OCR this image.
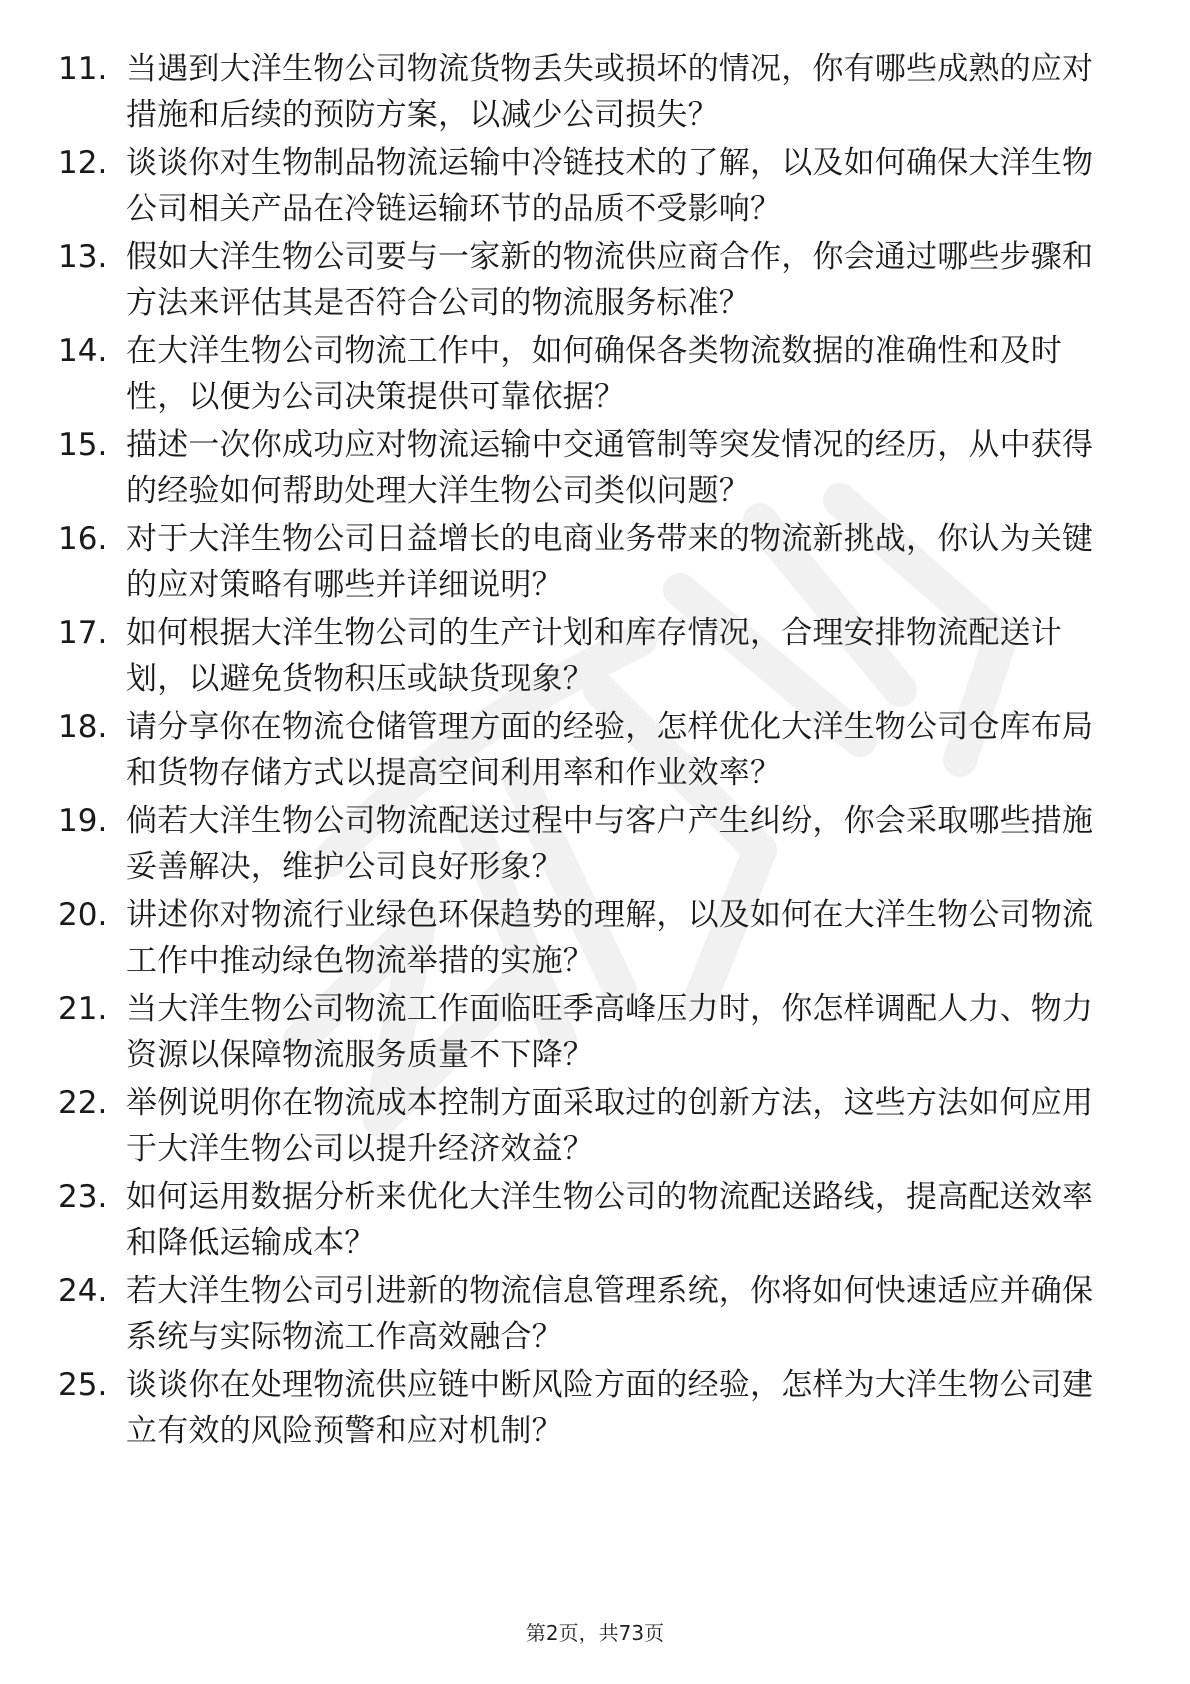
11. 当遇到大洋生物公司物流货物丢失或损坏的情况，你有哪些成熟的应对措施和后续的预防方案，以减少公司损失？
12. 谈谈你对生物制品物流运输中冷链技术的了解，以及如何确保大洋生物公司相关产品在冷链运输环节的品质不受影响？
13. 假如大洋生物公司要与一家新的物流供应商合作，你会通过哪些步骤和方法来评估其是否符合公司的物流服务标准？
14. 在大洋生物公司物流工作中，如何确保各类物流数据的准确性和及时性，以便为公司决策提供可靠依据？
15. 描述一次你成功应对物流运输中交通管制等突发情况的经历，从中获得的经验如何帮助处理大洋生物公司类似问题？
16. 对于大洋生物公司日益增长的电商业务带来的物流新挑战，你认为关键的应对策略有哪些并详细说明？
17. 如何根据大洋生物公司的生产计划和库存情况，合理安排物流配送计划，以避免货物积压或缺货现象？
18. 请分享你在物流仓储管理方面的经验，怎样优化大洋生物公司仓库布局和货物存储方式以提高空间利用率和作业效率？
19. 倘若大洋生物公司物流配送过程中与客户产生纠纷，你会采取哪些措施妥善解决，维护公司良好形象？
20. 讲述你对物流行业绿色环保趋势的理解，以及如何在大洋生物公司物流工作中推动绿色物流举措的实施？
21. 当大洋生物公司物流工作面临旺季高峰压力时，你怎样调配人力、物力资源以保障物流服务质量不下降？
22. 举例说明你在物流成本控制方面采取过的创新方法，这些方法如何应用于大洋生物公司以提升经济效益？
23. 如何运用数据分析来优化大洋生物公司的物流配送路线，提高配送效率和降低运输成本？
24. 若大洋生物公司引进新的物流信息管理系统，你将如何快速适应并确保系统与实际物流工作高效融合？
25. 谈谈你在处理物流供应链中断风险方面的经验，怎样为大洋生物公司建立有效的风险预警和应对机制？
第2页，共73页
